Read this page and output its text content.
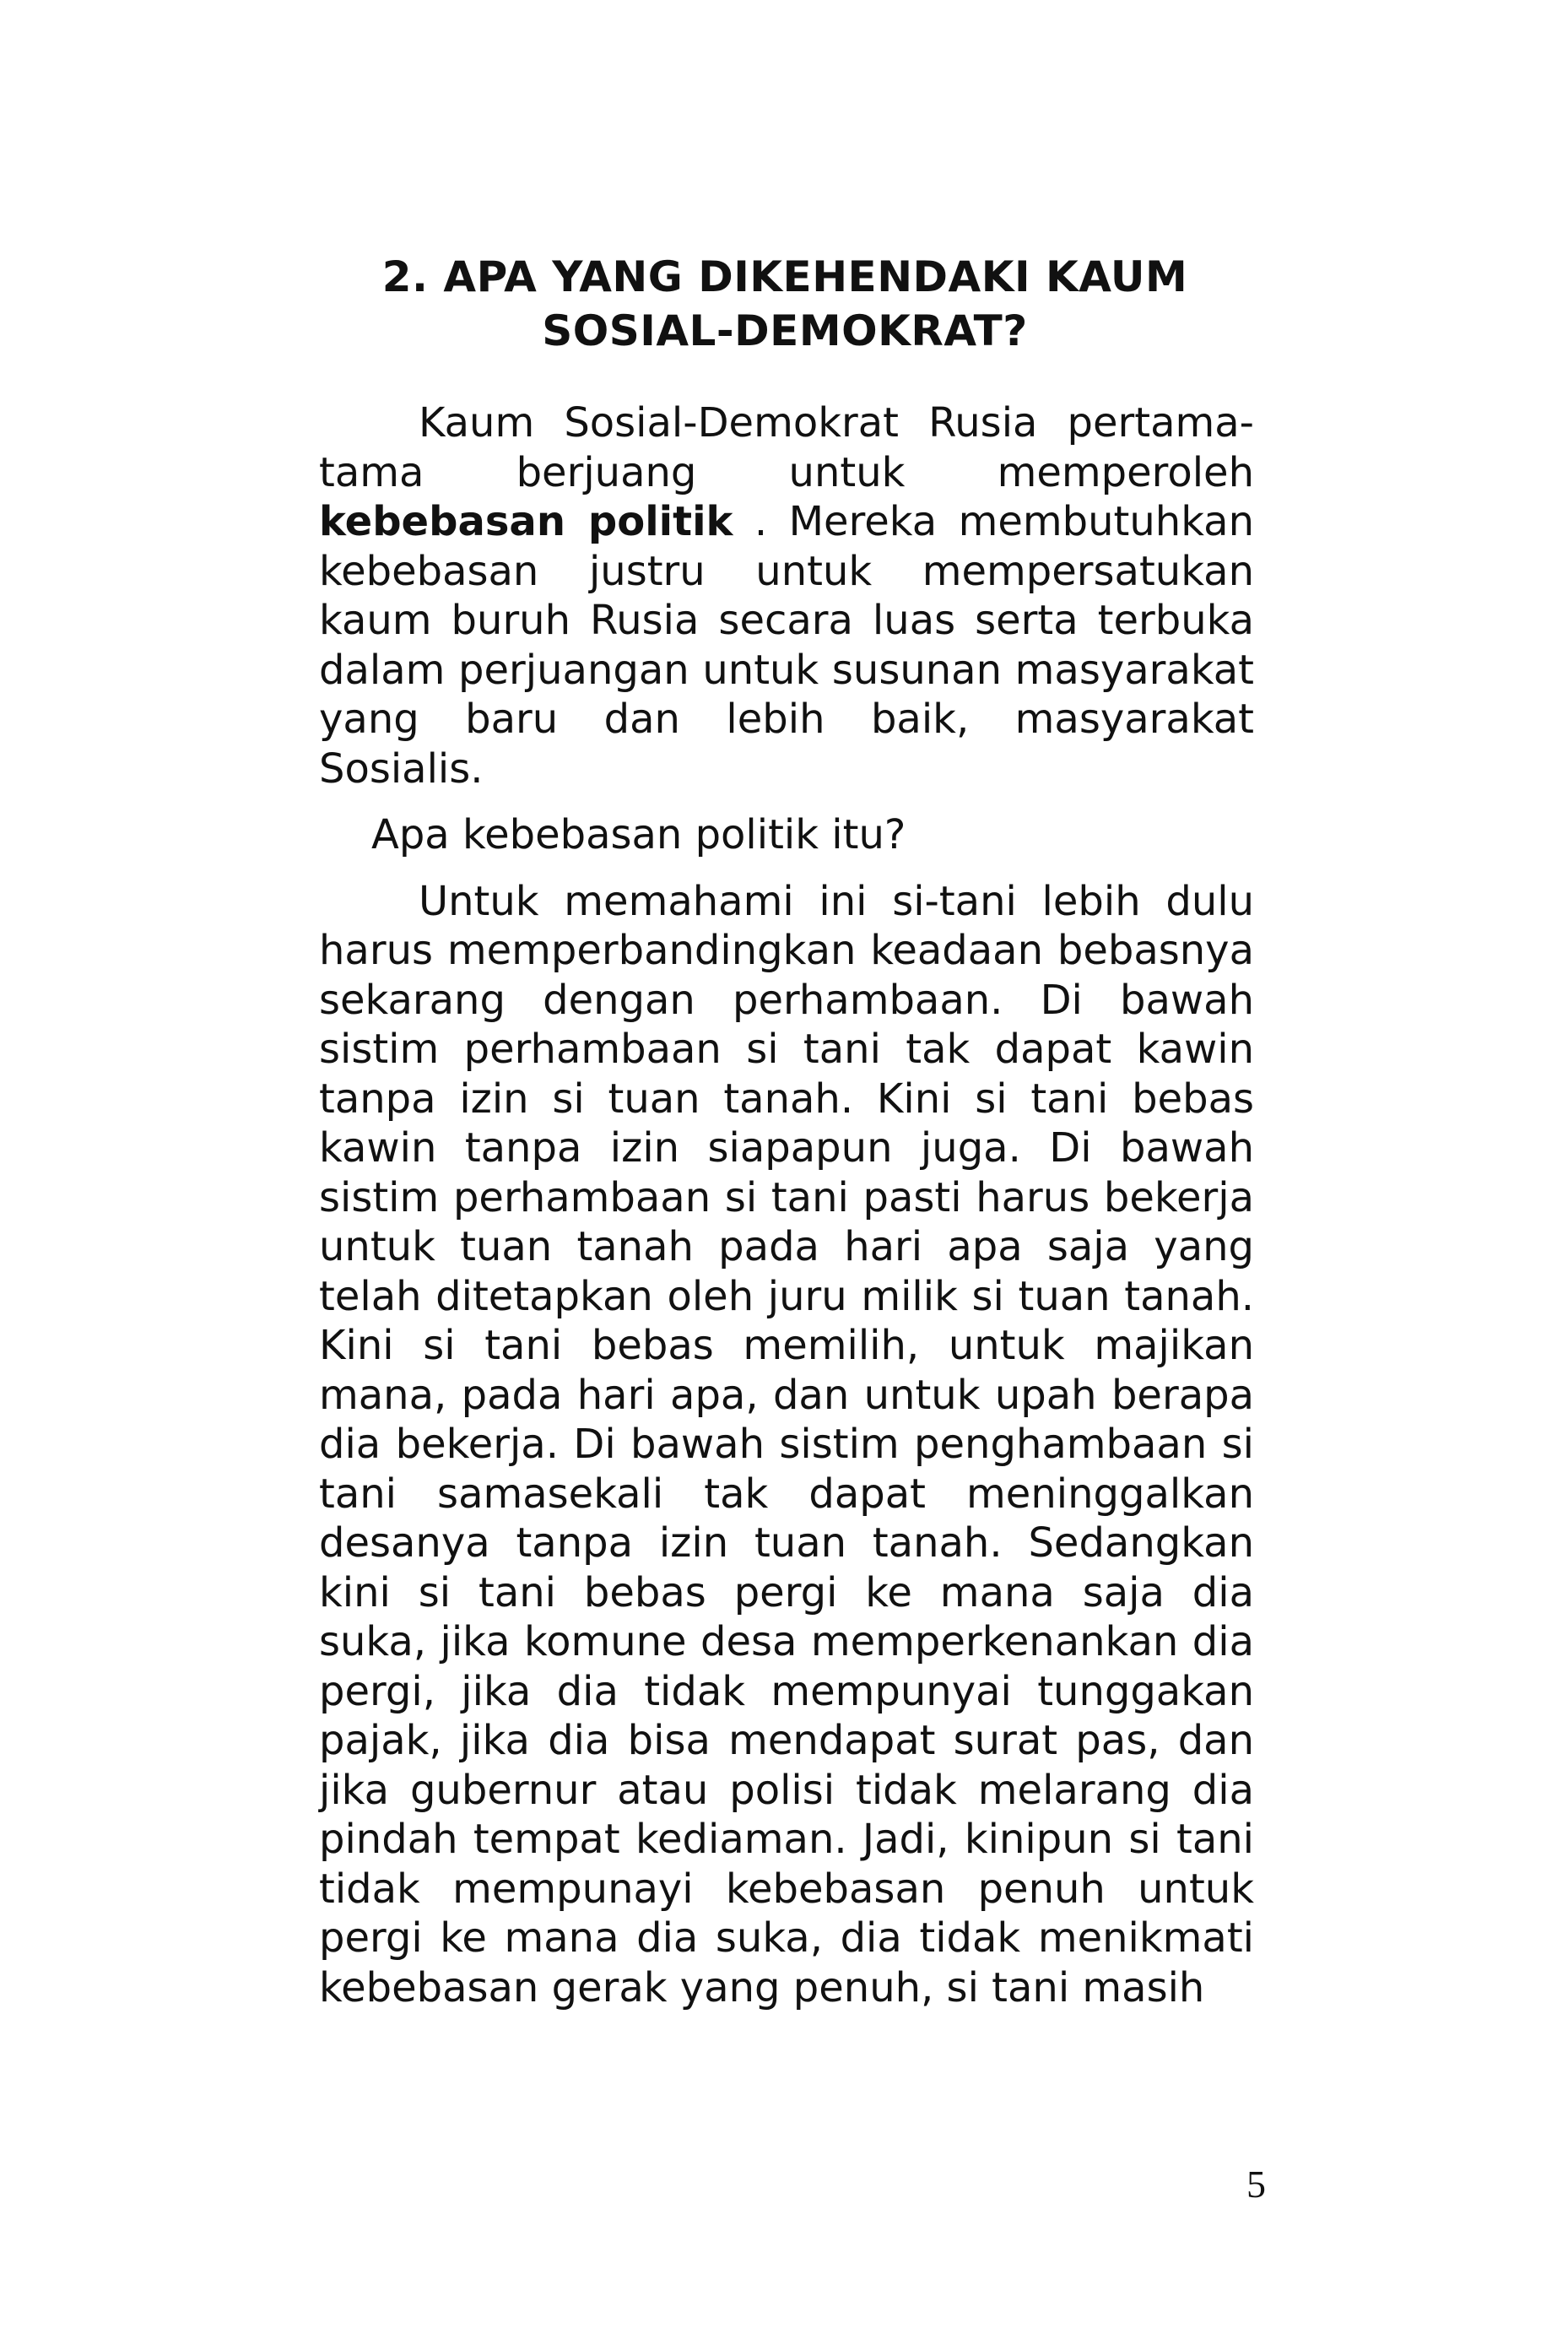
2. APA YANG DIKEHENDAKI KAUM
SOSIAL-DEMOKRAT?

Kaum Sosial-Demokrat Rusia pertama-tama berjuang untuk memperoleh kebebasan politik . Mereka membutuhkan kebebasan justru untuk mempersatukan kaum buruh Rusia secara luas serta terbuka dalam perjuangan untuk susunan masyarakat yang baru dan lebih baik, masyarakat Sosialis.

Apa kebebasan politik itu?

Untuk memahami ini si-tani lebih dulu harus memperbandingkan keadaan bebasnya sekarang dengan perhambaan. Di bawah sistim perhambaan si tani tak dapat kawin tanpa izin si tuan tanah. Kini si tani bebas kawin tanpa izin siapapun juga. Di bawah sistim perhambaan si tani pasti harus bekerja untuk tuan tanah pada hari apa saja yang telah ditetapkan oleh juru milik si tuan tanah. Kini si tani bebas memilih, untuk majikan mana, pada hari apa, dan untuk upah berapa dia bekerja. Di bawah sistim penghambaan si tani samasekali tak dapat meninggalkan desanya tanpa izin tuan tanah. Sedangkan kini si tani bebas pergi ke mana saja dia suka, jika komune desa memperkenankan dia pergi, jika dia tidak mempunyai tunggakan pajak, jika dia bisa mendapat surat pas, dan jika gubernur atau polisi tidak melarang dia pindah tempat kediaman. Jadi, kinipun si tani tidak mempunayi kebebasan penuh untuk pergi ke mana dia suka, dia tidak menikmati kebebasan gerak yang penuh, si tani masih

5
